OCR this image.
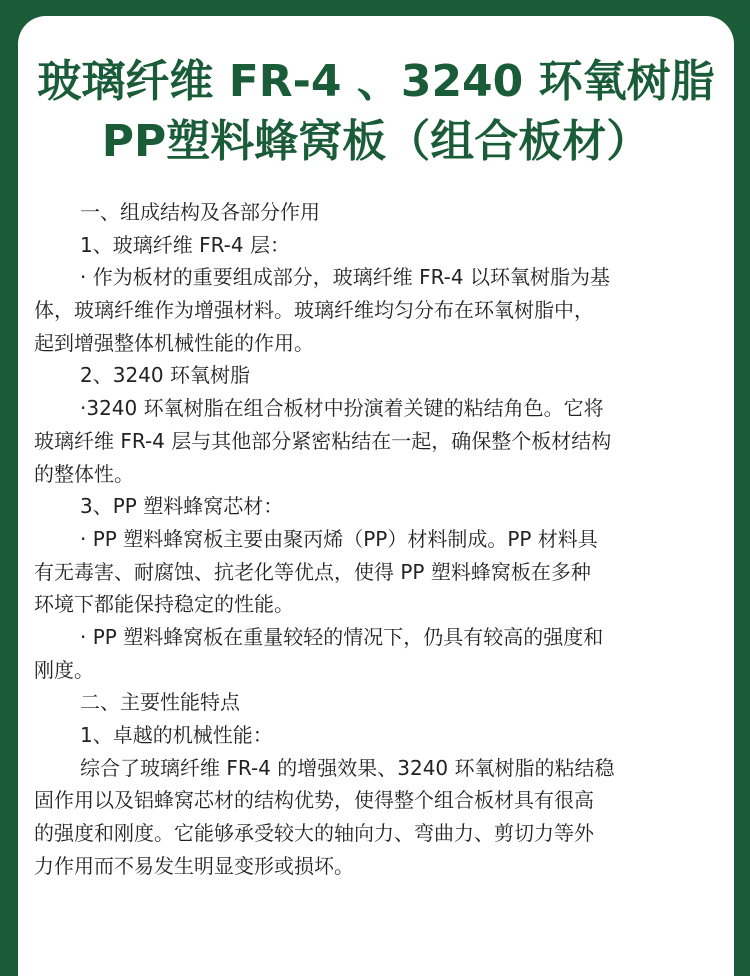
玻璃纤维 FR-4 、3240 环氧树脂
PP塑料蜂窝板（组合板材）
一、组成结构及各部分作用
1、玻璃纤维 FR-4 层：
· 作为板材的重要组成部分，玻璃纤维 FR-4 以环氧树脂为基
体，玻璃纤维作为增强材料。玻璃纤维均匀分布在环氧树脂中，
起到增强整体机械性能的作用。
2、3240 环氧树脂
·3240 环氧树脂在组合板材中扮演着关键的粘结角色。它将
玻璃纤维 FR-4 层与其他部分紧密粘结在一起，确保整个板材结构
的整体性。
3、PP 塑料蜂窝芯材：
· PP 塑料蜂窝板主要由聚丙烯（PP）材料制成。PP 材料具
有无毒害、耐腐蚀、抗老化等优点，使得 PP 塑料蜂窝板在多种
环境下都能保持稳定的性能。
· PP 塑料蜂窝板在重量较轻的情况下，仍具有较高的强度和
刚度。
二、主要性能特点
1、卓越的机械性能：
综合了玻璃纤维 FR-4 的增强效果、3240 环氧树脂的粘结稳
固作用以及铝蜂窝芯材的结构优势，使得整个组合板材具有很高
的强度和刚度。它能够承受较大的轴向力、弯曲力、剪切力等外
力作用而不易发生明显变形或损坏。
